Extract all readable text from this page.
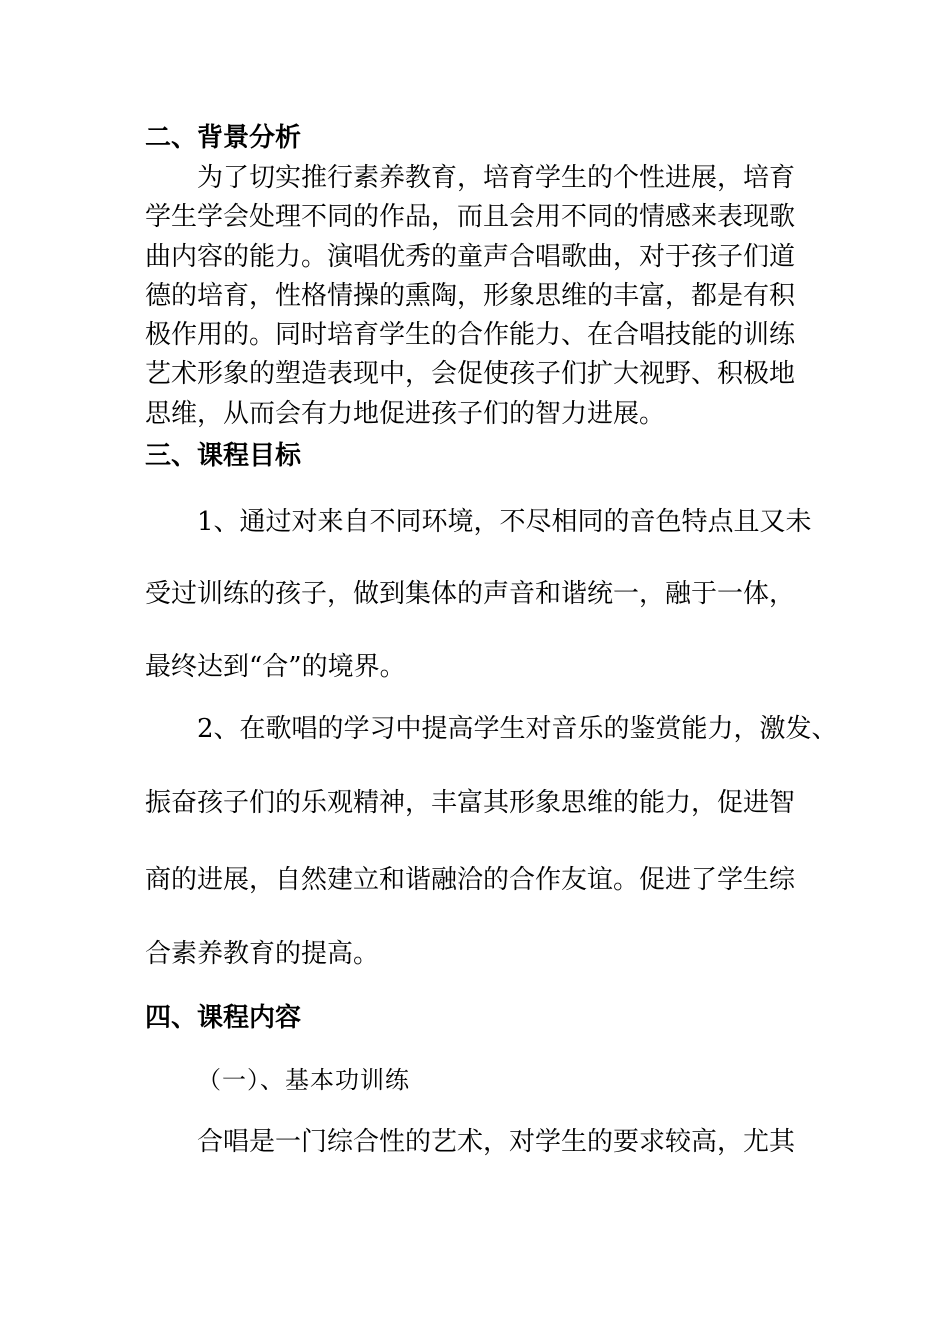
二、背景分析
为了切实推行素养教育，培育学生的个性进展，培育
学生学会处理不同的作品，而且会用不同的情感来表现歌
曲内容的能力。演唱优秀的童声合唱歌曲，对于孩子们道
德的培育，性格情操的熏陶，形象思维的丰富，都是有积
极作用的。同时培育学生的合作能力、在合唱技能的训练
艺术形象的塑造表现中，会促使孩子们扩大视野、积极地
思维，从而会有力地促进孩子们的智力进展。
三、课程目标
1、通过对来自不同环境，不尽相同的音色特点且又未
受过训练的孩子，做到集体的声音和谐统一，融于一体，
最终达到“合”的境界。
2、在歌唱的学习中提高学生对音乐的鉴赏能力，激发、
振奋孩子们的乐观精神，丰富其形象思维的能力，促进智
商的进展，自然建立和谐融洽的合作友谊。促进了学生综
合素养教育的提高。
四、课程内容
（一）、基本功训练
合唱是一门综合性的艺术，对学生的要求较高，尤其
